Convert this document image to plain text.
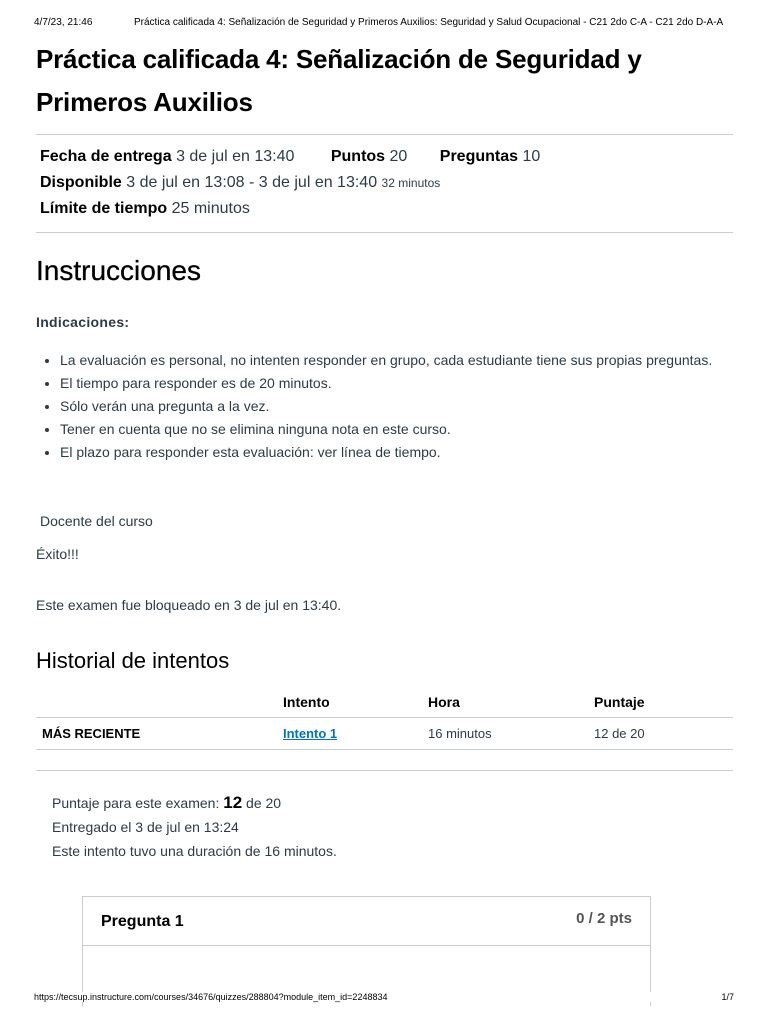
4/7/23, 21:46	Práctica calificada 4: Señalización de Seguridad y Primeros Auxilios: Seguridad y Salud Ocupacional - C21 2do C-A - C21 2do D-A-A
Práctica calificada 4: Señalización de Seguridad y Primeros Auxilios
Fecha de entrega 3 de jul en 13:40 Puntos 20 Preguntas 10
Disponible 3 de jul en 13:08 - 3 de jul en 13:40 32 minutos
Límite de tiempo 25 minutos
Instrucciones
Indicaciones:
• La evaluación es personal, no intenten responder en grupo, cada estudiante tiene sus propias preguntas.
• El tiempo para responder es de 20 minutos.
• Sólo verán una pregunta a la vez.
• Tener en cuenta que no se elimina ninguna nota en este curso.
• El plazo para responder esta evaluación: ver línea de tiempo.
Docente del curso
Éxito!!!
Este examen fue bloqueado en 3 de jul en 13:40.
Historial de intentos
	Intento	Hora	Puntaje
MÁS RECIENTE	Intento 1	16 minutos	12 de 20
Puntaje para este examen: 12 de 20
Entregado el 3 de jul en 13:24
Este intento tuvo una duración de 16 minutos.
Pregunta 1	0 / 2 pts
https://tecsup.instructure.com/courses/34676/quizzes/288804?module_item_id=2248834	1/7
